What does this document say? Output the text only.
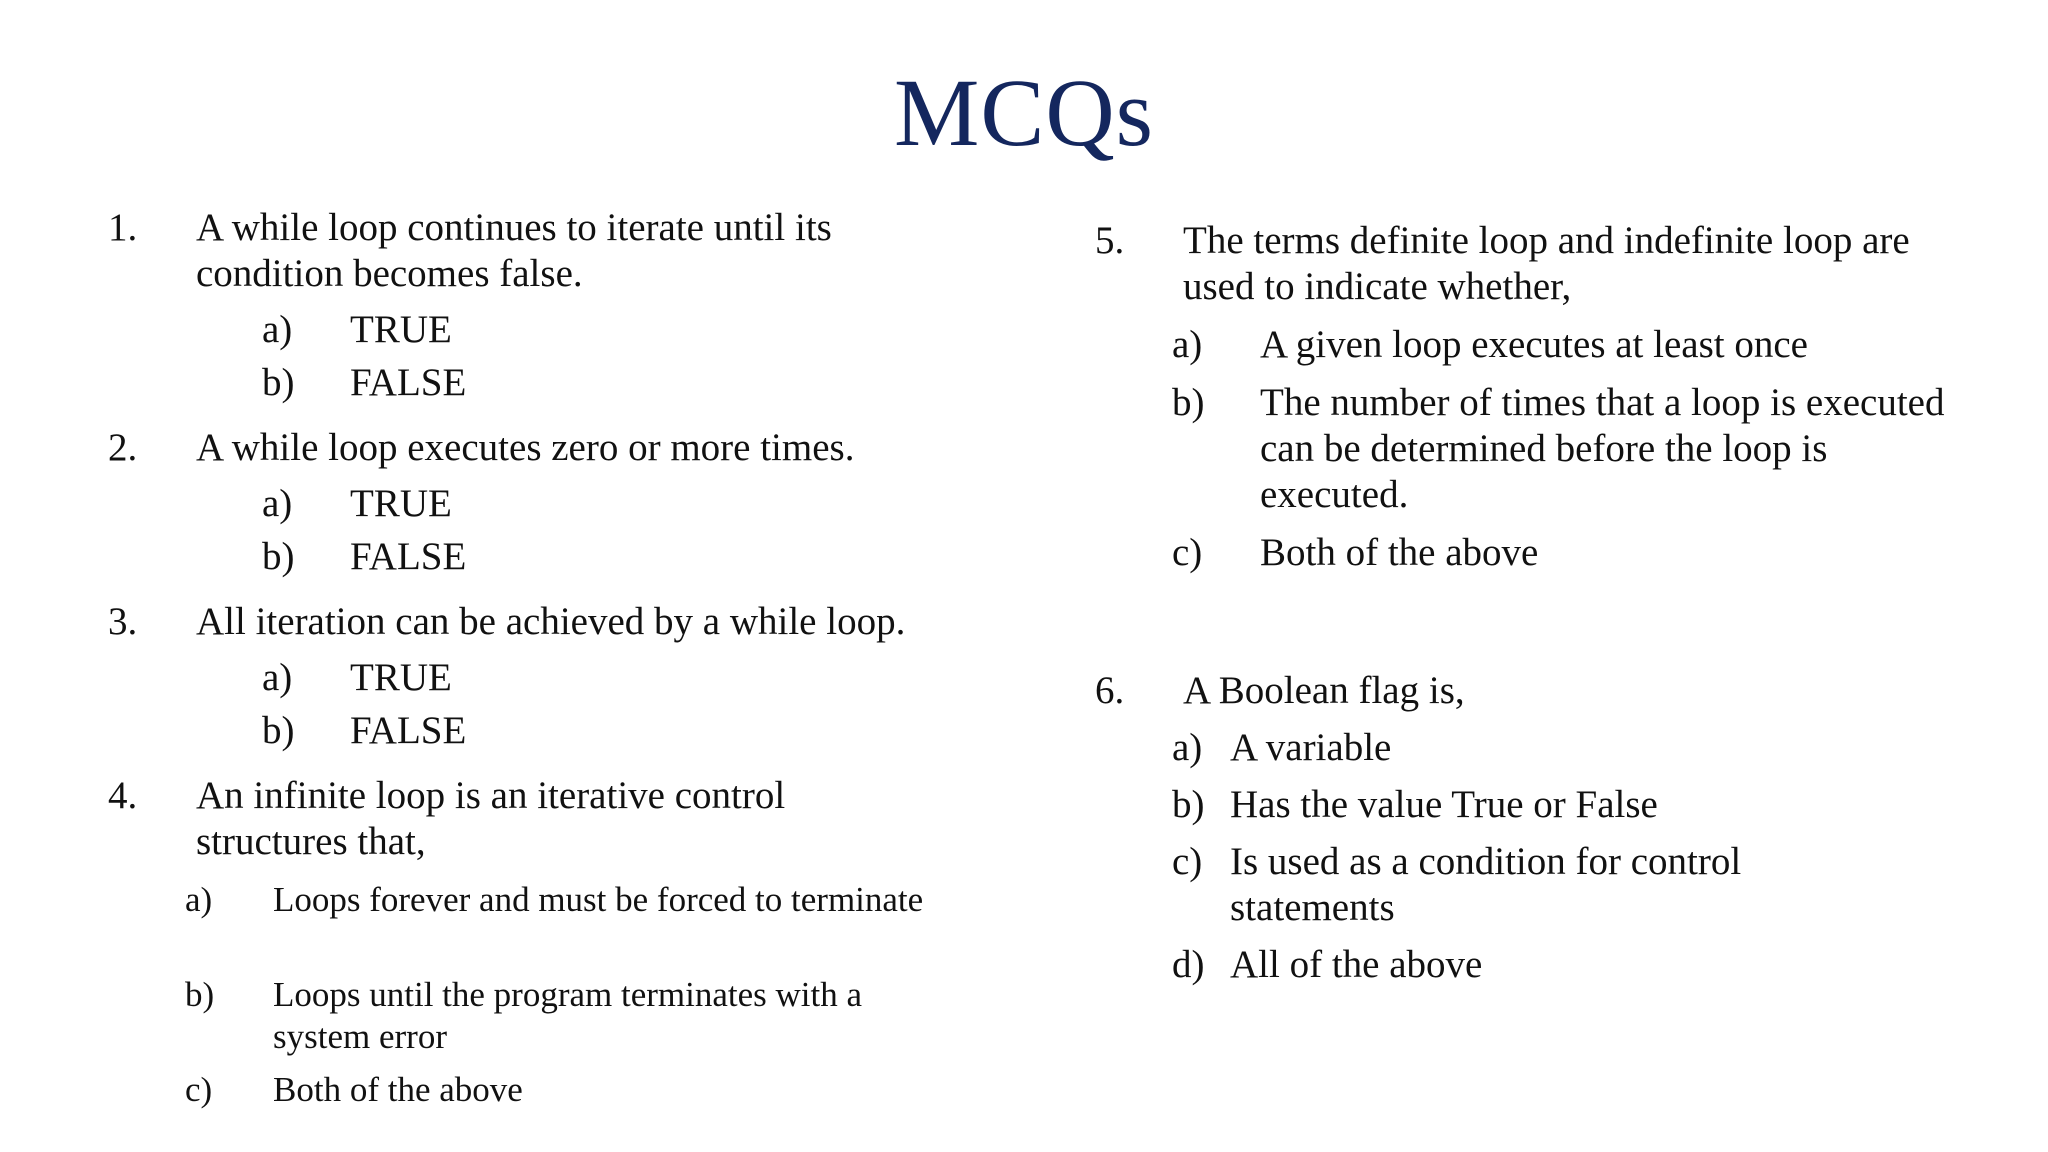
MCQs
1. A while loop continues to iterate until its condition becomes false.
a) TRUE
b) FALSE
2. A while loop executes zero or more times.
a) TRUE
b) FALSE
3. All iteration can be achieved by a while loop.
a) TRUE
b) FALSE
4. An infinite loop is an iterative control structures that,
a) Loops forever and must be forced to terminate
b) Loops until the program terminates with a system error
c) Both of the above
5. The terms definite loop and indefinite loop are used to indicate whether,
a) A given loop executes at least once
b) The number of times that a loop is executed can be determined before the loop is executed.
c) Both of the above
6. A Boolean flag is,
a) A variable
b) Has the value True or False
c) Is used as a condition for control statements
d) All of the above
